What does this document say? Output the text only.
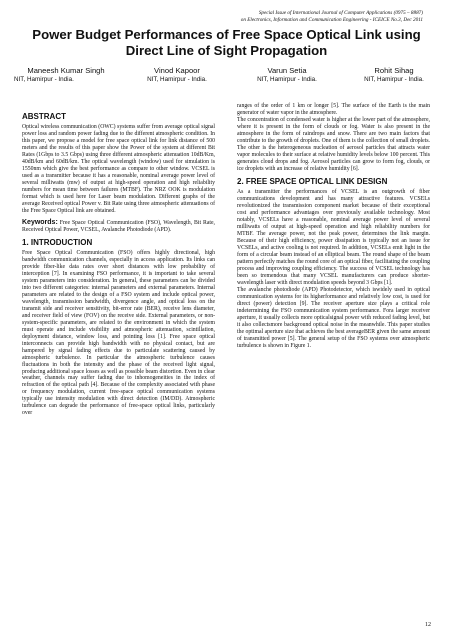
Special Issue of International Journal of Computer Applications (0975 – 8887)
on Electronics, Information and Communication Engineering - ICEICE No.3, Dec 2011
Power Budget Performances of Free Space Optical Link using Direct Line of Sight Propagation
Maneesh Kumar Singh
NIT, Hamirpur - India.
Vinod Kapoor
NIT, Hamirpur - India.
Varun Setia
NIT, Hamirpur - India.
Rohit Sihag
NIT, Hamirpur - India.
ABSTRACT

Optical wireless communication (OWC) systems suffer from average optical signal power loss and random power fading due to the different atmospheric condition. In this paper, we propose a model for free space optical link for link distance of 500 meters and the results of this paper show the Power of the system at different Bit Rates (1Gbps to 3.5 Gbps) using three different atmospheric attenuation 10dB/Km, 40dB/km and 60dB/km. The optical wavelength (window) used for simulation is 1550nm which give the best performance as compare to other window. VCSEL is used as a transmitter because it has a reasonable, nominal average power level of several milliwatts (mw) of output at high-speed operation and high reliability numbers for mean time between failures (MTBF). The NRZ OOK is modulation format which is used here for Laser beam modulation. Different graphs of the average Received optical Power v. Bit Rate using three atmospheric attenuations of the Free Space Optical link are obtained.

Keywords: Free Space Optical Communication (FSO), Wavelength, Bit Rate, Received Optical Power, VCSEL, Avalanche Photodiode (APD).

1. INTRODUCTION

Free Space Optical Communication (FSO) offers highly directional, high bandwidth communication channels, especially in access application. Its links can provide fiber-like data rates over short distances with low probability of interception [7]. In examining FSO performance, it is important to take several system parameters into consideration. In general, these parameters can be divided into two different categories: internal parameters and external parameters. Internal parameters are related to the design of a FSO system and include optical power, wavelength, transmission bandwidth, divergence angle, and optical loss on the transmit side and receiver sensitivity, bit-error rate (BER), receive lens diameter, and receiver field of view (FOV) on the receive side. External parameters, or non-system-specific parameters, are related to the environment in which the system must operate and include visibility and atmospheric attenuation, scintillation, deployment distance, window loss, and pointing loss [1]. Free space optical interconnects can provide high bandwidth with no physical contact, but are hampered by signal fading effects due to particulate scattering caused by atmospheric turbulence. In particular the atmospheric turbulence causes fluctuations in both the intensity and the phase of the received light signal, producing additional space losses as well as possible beam distortion. Even in clear weather, channels may suffer fading due to inhomogeneities in the index of refraction of the optical path [4]. Because of the complexity associated with phase or frequency modulation, current free-space optical communication systems typically use intensity modulation with direct detection (IM/DD). Atmospheric turbulence can degrade the performance of free-space optical links, particularly over

ranges of the order of 1 km or longer [5]. The surface of the Earth is the main generator of water vapor in the atmosphere.
The concentration of condensed water is higher at the lower part of the atmosphere, where it is present in the form of clouds or fog. Water is also present in the atmosphere in the form of raindrops and snow. There are two main factors that contribute to the growth of droplets. One of them is the collection of small droplets. The other is the heterogeneous nucleation of aerosol particles that attracts water vapor molecules to their surface at relative humidity levels below 100 percent. This generates cloud drops and fog. Aerosol particles can grow to form fog, clouds, or ice droplets with an increase of relative humidity [6].

2. FREE SPACE OPTICAL LINK DESIGN

As a transmitter the performances of VCSEL is an outgrowth of fiber communications development and has many attractive features. VCSELs revolutionized the transmission component market because of their exceptional cost and performance advantages over previously available technology. Most notably, VCSELs have a reasonable, nominal average power level of several milliwatts of output at high-speed operation and high reliability numbers for MTBF. The average power, not the peak power, determines the link margin. Because of their high efficiency, power dissipation is typically not an issue for VCSELs, and active cooling is not required. In addition, VCSELs emit light in the form of a circular beam instead of an elliptical beam. The round shape of the beam pattern perfectly matches the round core of an optical fiber, facilitating the coupling process and improving coupling efficiency. The success of VCSEL technology has been so tremendous that many VCSEL manufacturers can produce shorter-wavelength laser with direct modulation speeds beyond 3 Gbps [1].
The avalanche photodiode (APD) Photodetector, which iswidely used in optical communication systems for its higherformance and relatively low cost, is used for direct (power) detection [9]. The receiver aperture size plays a critical role indetermining the FSO communication system performance. Fora larger receiver aperture, it usually collects more opticalsignal power with reduced fading level, but it also collectsmore background optical noise in the meanwhile. This paper studies the optimal aperture size that achieves the best averageBER given the same amount of transmitted power [5]. The general setup of the FSO systems over atmospheric turbulence is shown in Figure 1.

12
